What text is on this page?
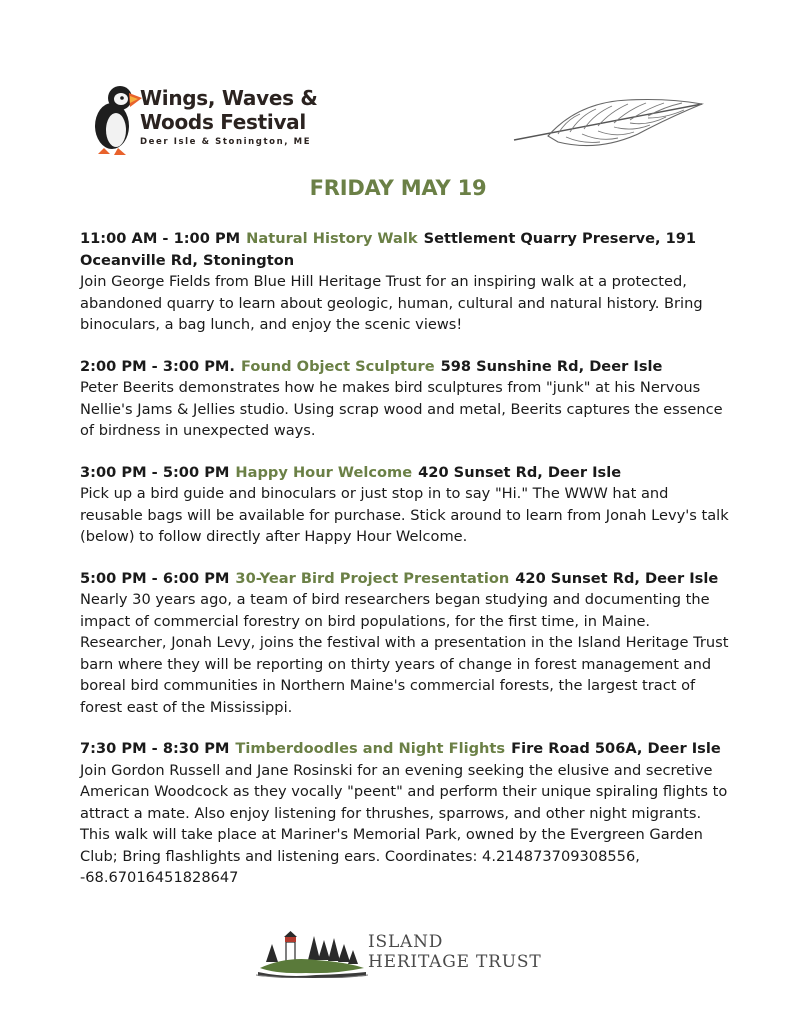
Wings, Waves &
Woods Festival
Deer Isle & Stonington, ME
FRIDAY MAY 19
11:00 AM - 1:00 PM Natural History Walk Settlement Quarry Preserve, 191 Oceanville Rd, Stonington
Join George Fields from Blue Hill Heritage Trust for an inspiring walk at a protected, abandoned quarry to learn about geologic, human, cultural and natural history. Bring binoculars, a bag lunch, and enjoy the scenic views!
2:00 PM - 3:00 PM. Found Object Sculpture 598 Sunshine Rd, Deer Isle
Peter Beerits demonstrates how he makes bird sculptures from "junk" at his Nervous Nellie's Jams & Jellies studio. Using scrap wood and metal, Beerits captures the essence of birdness in unexpected ways.
3:00 PM - 5:00 PM Happy Hour Welcome 420 Sunset Rd, Deer Isle
Pick up a bird guide and binoculars or just stop in to say "Hi." The WWW hat and reusable bags will be available for purchase. Stick around to learn from Jonah Levy's talk (below) to follow directly after Happy Hour Welcome.
5:00 PM - 6:00 PM 30-Year Bird Project Presentation 420 Sunset Rd, Deer Isle
Nearly 30 years ago, a team of bird researchers began studying and documenting the impact of commercial forestry on bird populations, for the first time, in Maine. Researcher, Jonah Levy, joins the festival with a presentation in the Island Heritage Trust barn where they will be reporting on thirty years of change in forest management and boreal bird communities in Northern Maine's commercial forests, the largest tract of forest east of the Mississippi.
7:30 PM - 8:30 PM Timberdoodles and Night Flights Fire Road 506A, Deer Isle
Join Gordon Russell and Jane Rosinski for an evening seeking the elusive and secretive American Woodcock as they vocally "peent" and perform their unique spiraling flights to attract a mate. Also enjoy listening for thrushes, sparrows, and other night migrants. This walk will take place at Mariner's Memorial Park, owned by the Evergreen Garden Club; Bring flashlights and listening ears. Coordinates: 4.214873709308556, -68.67016451828647
ISLAND
HERITAGE TRUST
